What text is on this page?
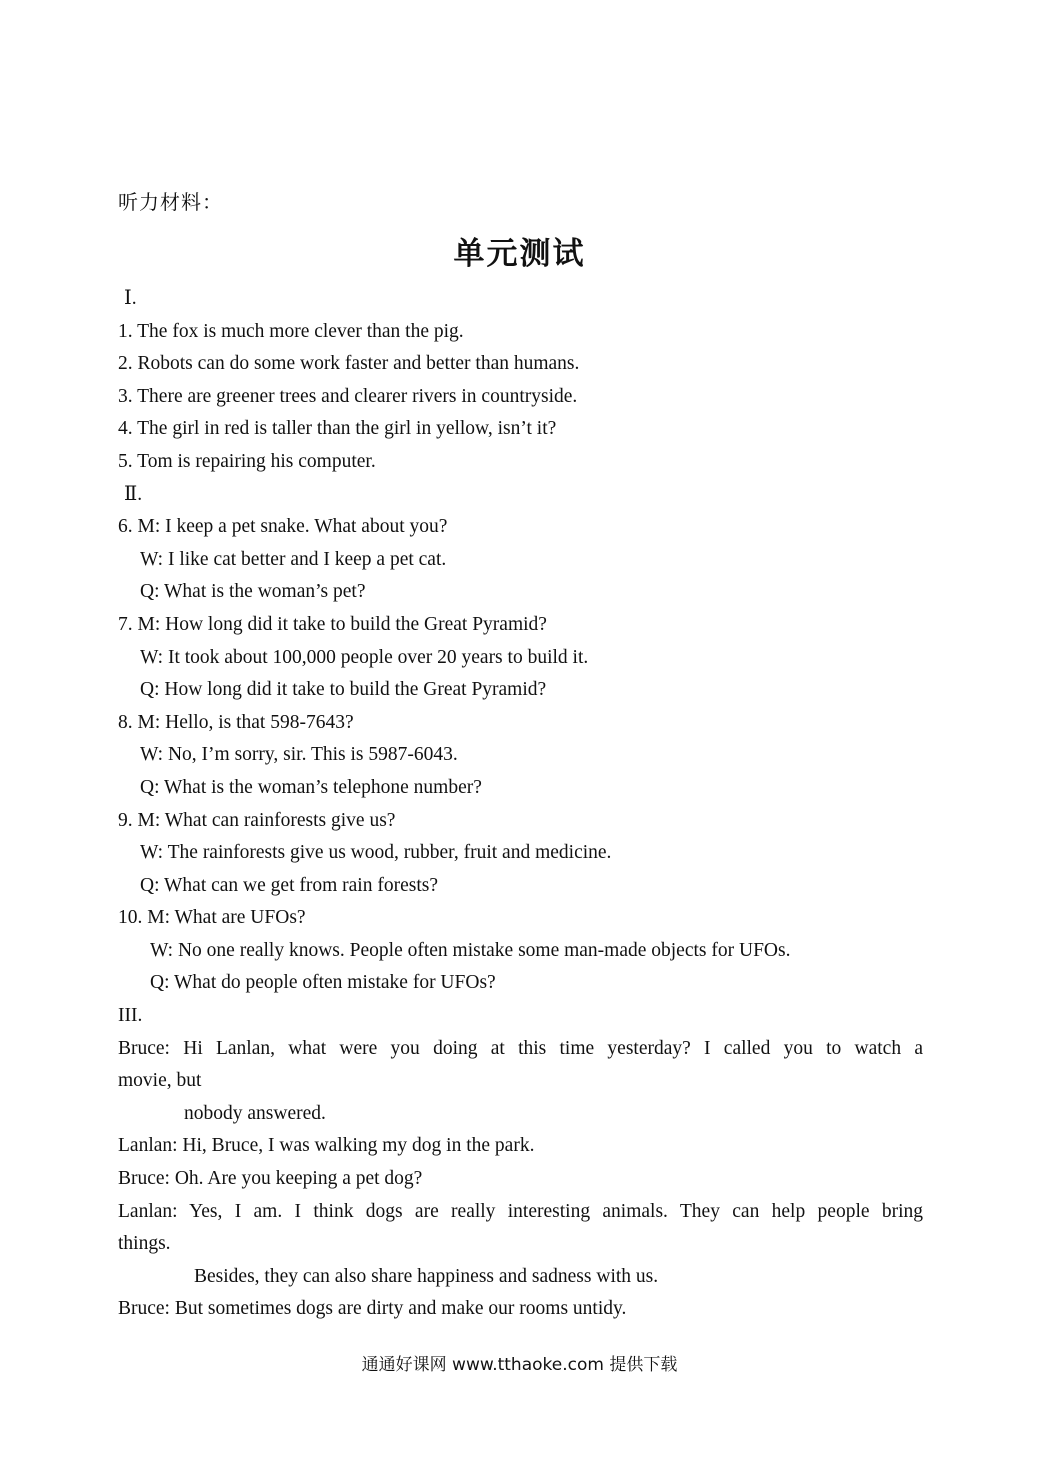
听力材料：
单元测试
Ⅰ.
1. The fox is much more clever than the pig.
2. Robots can do some work faster and better than humans.
3. There are greener trees and clearer rivers in countryside.
4. The girl in red is taller than the girl in yellow, isn’t it?
5. Tom is repairing his computer.
Ⅱ.
6. M: I keep a pet snake. What about you?
W: I like cat better and I keep a pet cat.
Q: What is the woman’s pet?
7. M: How long did it take to build the Great Pyramid?
W: It took about 100,000 people over 20 years to build it.
Q: How long did it take to build the Great Pyramid?
8. M: Hello, is that 598-7643?
W: No, I’m sorry, sir. This is 5987-6043.
Q: What is the woman’s telephone number?
9. M: What can rainforests give us?
W: The rainforests give us wood, rubber, fruit and medicine.
Q: What can we get from rain forests?
10. M: What are UFOs?
W: No one really knows. People often mistake some man-made objects for UFOs.
Q: What do people often mistake for UFOs?
III.
Bruce: Hi Lanlan, what were you doing at this time yesterday? I called you to watch a
movie, but
nobody answered.
Lanlan: Hi, Bruce, I was walking my dog in the park.
Bruce: Oh. Are you keeping a pet dog?
Lanlan: Yes, I am. I think dogs are really interesting animals. They can help people bring
things.
Besides, they can also share happiness and sadness with us.
Bruce: But sometimes dogs are dirty and make our rooms untidy.
通通好课网 www.tthaoke.com 提供下载
